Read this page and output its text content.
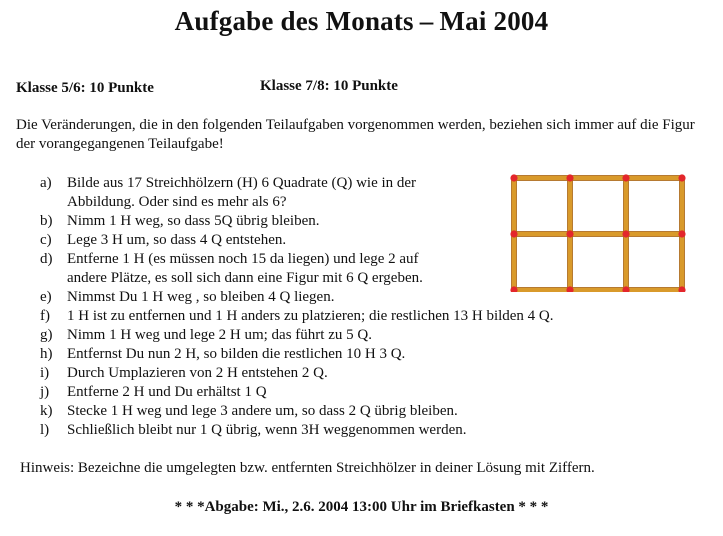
Aufgabe des Monats – Mai 2004
Klasse 5/6: 10 Punkte	Klasse 7/8: 10 Punkte
Die Veränderungen, die in den folgenden Teilaufgaben vorgenommen werden, beziehen sich immer auf die Figur der vorangegangenen Teilaufgabe!
a) Bilde aus 17 Streichhölzern (H) 6 Quadrate (Q) wie in der
Abbildung. Oder sind es mehr als 6?
b) Nimm 1 H weg, so dass 5Q übrig bleiben.
c) Lege 3 H um, so dass 4 Q entstehen.
d) Entferne 1 H (es müssen noch 15 da liegen) und lege 2 auf
andere Plätze, es soll sich dann eine Figur mit 6 Q ergeben.
e) Nimmst Du 1 H weg , so bleiben 4 Q liegen.
f) 1 H ist zu entfernen und 1 H anders zu platzieren; die restlichen 13 H bilden 4 Q.
g) Nimm 1 H weg und lege 2 H um; das führt zu 5 Q.
h) Entfernst Du nun 2 H, so bilden die restlichen 10 H 3 Q.
i) Durch Umplazieren von 2 H entstehen 2 Q.
j) Entferne 2 H und Du erhältst 1 Q
k) Stecke 1 H weg und lege 3 andere um, so dass 2 Q übrig bleiben.
l) Schließlich bleibt nur 1 Q übrig, wenn 3H weggenommen werden.
Hinweis: Bezeichne die umgelegten bzw. entfernten Streichhölzer in deiner Lösung mit Ziffern.
* * *Abgabe: Mi., 2.6. 2004 13:00 Uhr im Briefkasten * * *
